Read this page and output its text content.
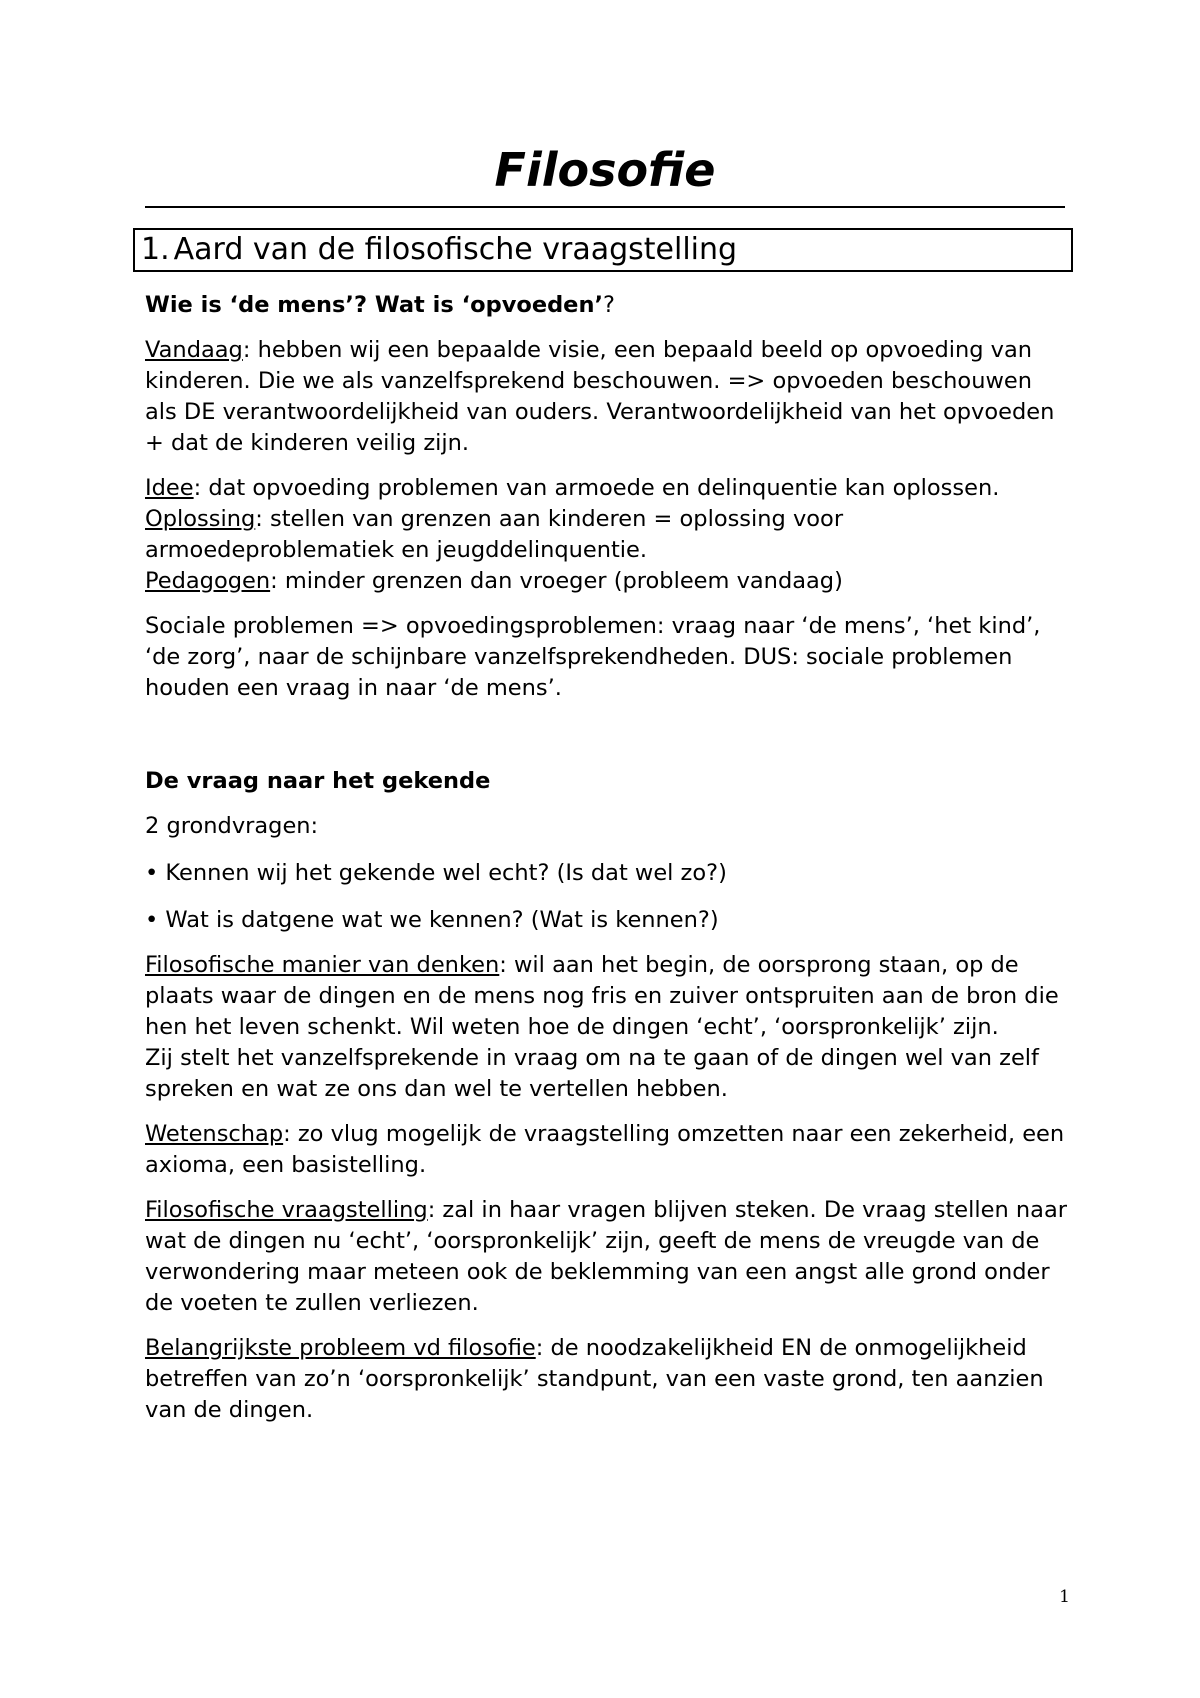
Filosofie
1. Aard van de filosofische vraagstelling

Wie is ‘de mens’? Wat is ‘opvoeden’?

Vandaag: hebben wij een bepaalde visie, een bepaald beeld op opvoeding van kinderen. Die we als vanzelfsprekend beschouwen. => opvoeden beschouwen als DE verantwoordelijkheid van ouders. Verantwoordelijkheid van het opvoeden + dat de kinderen veilig zijn.

Idee: dat opvoeding problemen van armoede en delinquentie kan oplossen.

Oplossing: stellen van grenzen aan kinderen = oplossing voor armoedeproblematiek en jeugddelinquentie.

Pedagogen: minder grenzen dan vroeger (probleem vandaag)

Sociale problemen => opvoedingsproblemen: vraag naar ‘de mens’, ‘het kind’, ‘de zorg’, naar de schijnbare vanzelfsprekendheden. DUS: sociale problemen houden een vraag in naar ‘de mens’.

De vraag naar het gekende

2 grondvragen:

• Kennen wij het gekende wel echt? (Is dat wel zo?)

• Wat is datgene wat we kennen? (Wat is kennen?)

Filosofische manier van denken: wil aan het begin, de oorsprong staan, op de plaats waar de dingen en de mens nog fris en zuiver ontspruiten aan de bron die hen het leven schenkt. Wil weten hoe de dingen ‘echt’, ‘oorspronkelijk’ zijn.

Zij stelt het vanzelfsprekende in vraag om na te gaan of de dingen wel van zelf spreken en wat ze ons dan wel te vertellen hebben.

Wetenschap: zo vlug mogelijk de vraagstelling omzetten naar een zekerheid, een axioma, een basistelling.

Filosofische vraagstelling: zal in haar vragen blijven steken. De vraag stellen naar wat de dingen nu ‘echt’, ‘oorspronkelijk’ zijn, geeft de mens de vreugde van de verwondering maar meteen ook de beklemming van een angst alle grond onder de voeten te zullen verliezen.

Belangrijkste probleem vd filosofie: de noodzakelijkheid EN de onmogelijkheid betreffen van zo’n ‘oorspronkelijk’ standpunt, van een vaste grond, ten aanzien van de dingen.

1
